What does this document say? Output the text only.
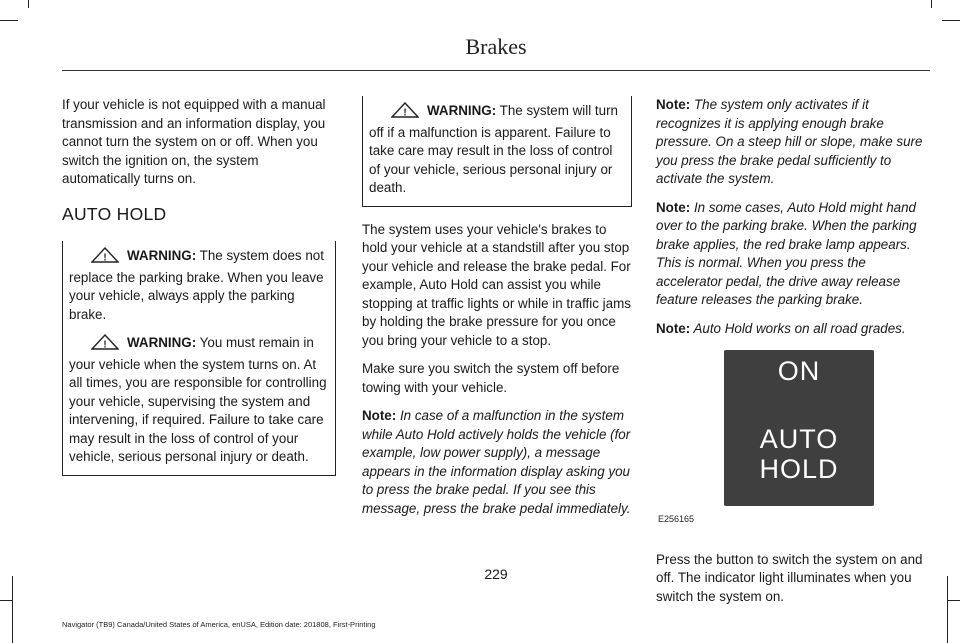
Brakes

If your vehicle is not equipped with a manual transmission and an information display, you cannot turn the system on or off. When you switch the ignition on, the system automatically turns on.

AUTO HOLD
! WARNING: The system does not replace the parking brake. When you leave your vehicle, always apply the parking brake.
! WARNING: You must remain in your vehicle when the system turns on. At all times, you are responsible for controlling your vehicle, supervising the system and intervening, if required. Failure to take care may result in the loss of control of your vehicle, serious personal injury or death.
! WARNING: The system will turn off if a malfunction is apparent. Failure to take care may result in the loss of control of your vehicle, serious personal injury or death.

The system uses your vehicle's brakes to hold your vehicle at a standstill after you stop your vehicle and release the brake pedal. For example, Auto Hold can assist you while stopping at traffic lights or while in traffic jams by holding the brake pressure for you once you bring your vehicle to a stop.

Make sure you switch the system off before towing with your vehicle.

Note: In case of a malfunction in the system while Auto Hold actively holds the vehicle (for example, low power supply), a message appears in the information display asking you to press the brake pedal. If you see this message, press the brake pedal immediately.

Note: The system only activates if it recognizes it is applying enough brake pressure. On a steep hill or slope, make sure you press the brake pedal sufficiently to activate the system.

Note: In some cases, Auto Hold might hand over to the parking brake. When the parking brake applies, the red brake lamp appears. This is normal. When you press the accelerator pedal, the drive away release feature releases the parking brake.

Note: Auto Hold works on all road grades.

ON
AUTO
HOLD
E256165

Press the button to switch the system on and off. The indicator light illuminates when you switch the system on.

229
Navigator (TB9) Canada/United States of America, enUSA, Edition date: 201808, First-Printing
